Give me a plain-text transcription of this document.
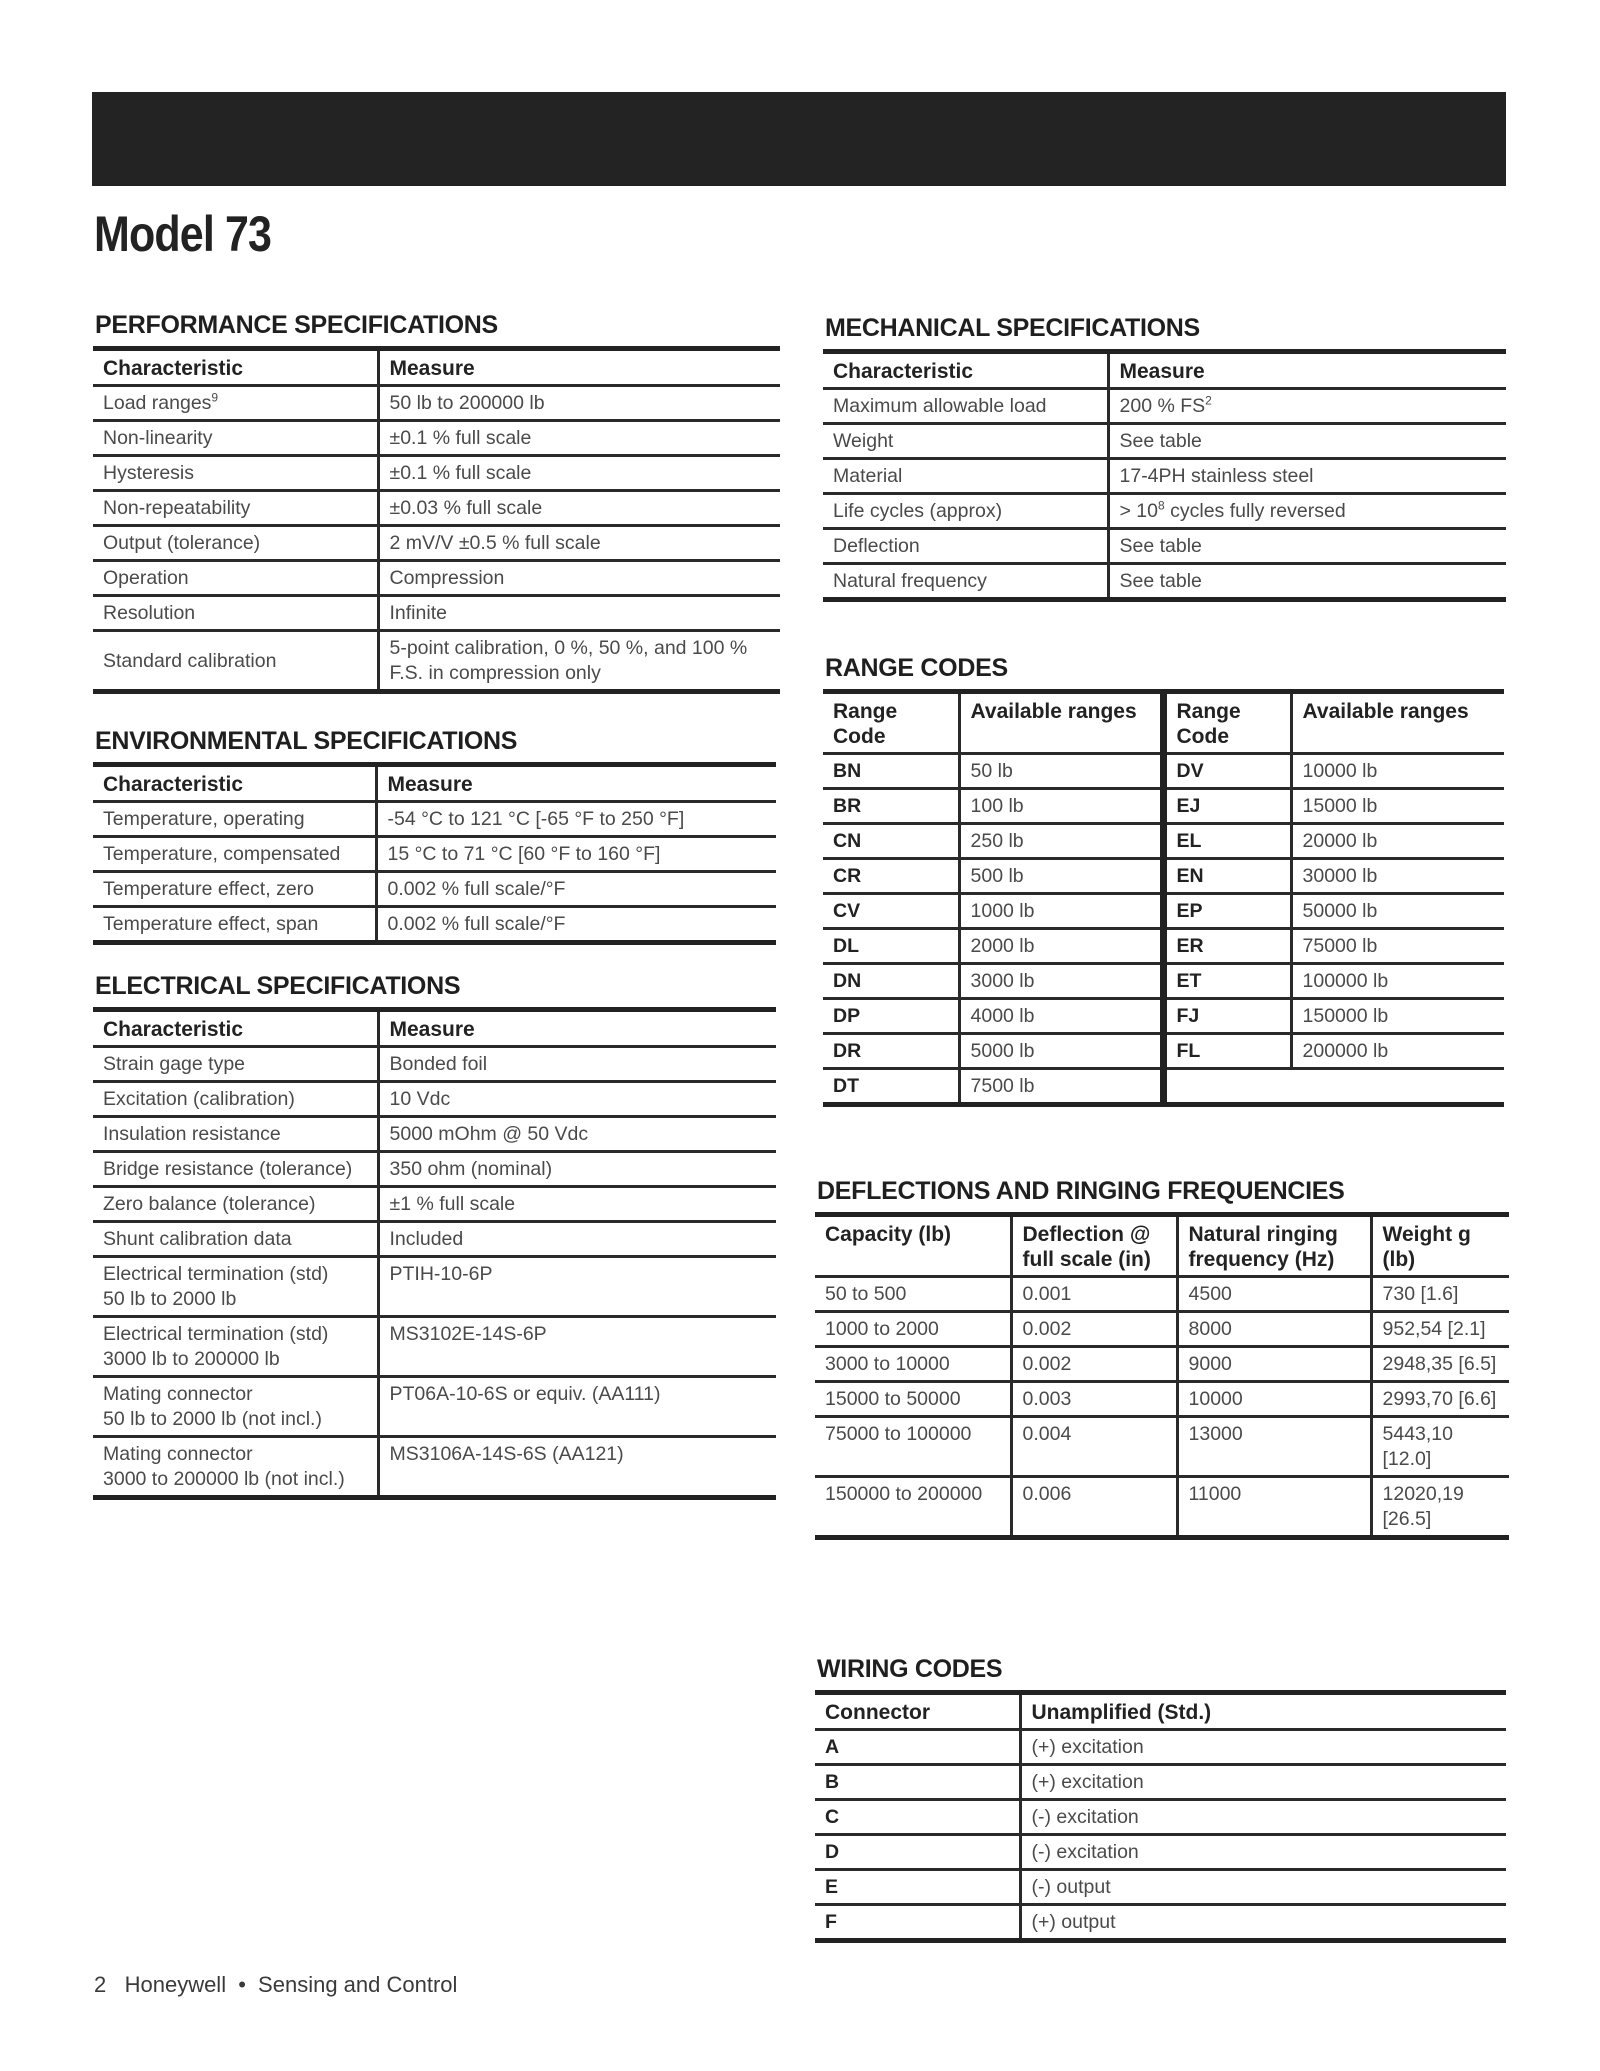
Model 73
PERFORMANCE SPECIFICATIONS
Characteristic	Measure
Load ranges$^9$	50 lb to 200000 lb
Non-linearity	±0.1 % full scale
Hysteresis	±0.1 % full scale
Non-repeatability	±0.03 % full scale
Output (tolerance)	2 mV/V ±0.5 % full scale
Operation	Compression
Resolution	Infinite
Standard calibration	5-point calibration, 0 %, 50 %, and 100 % F.S. in compression only
ENVIRONMENTAL SPECIFICATIONS
Characteristic	Measure
Temperature, operating	-54 °C to 121 °C [-65 °F to 250 °F]
Temperature, compensated	15 °C to 71 °C [60 °F to 160 °F]
Temperature effect, zero	0.002 % full scale/°F
Temperature effect, span	0.002 % full scale/°F
ELECTRICAL SPECIFICATIONS
Characteristic	Measure
Strain gage type	Bonded foil
Excitation (calibration)	10 Vdc
Insulation resistance	5000 mOhm @ 50 Vdc
Bridge resistance (tolerance)	350 ohm (nominal)
Zero balance (tolerance)	±1 % full scale
Shunt calibration data	Included
Electrical termination (std)
50 lb to 2000 lb	PTIH-10-6P
Electrical termination (std)
3000 lb to 200000 lb	MS3102E-14S-6P
Mating connector
50 lb to 2000 lb (not incl.)	PT06A-10-6S or equiv. (AA111)
Mating connector
3000 to 200000 lb (not incl.)	MS3106A-14S-6S (AA121)
MECHANICAL SPECIFICATIONS
Characteristic	Measure
Maximum allowable load	200 % $FS^2$
Weight	See table
Material	17-4PH stainless steel
Life cycles (approx)	> $10^8$ cycles fully reversed
Deflection	See table
Natural frequency	See table
RANGE CODES
Range Code	Available ranges	Range Code	Available ranges
BN	50 lb	DV	10000 lb
BR	100 lb	EJ	15000 lb
CN	250 lb	EL	20000 lb
CR	500 lb	EN	30000 lb
CV	1000 lb	EP	50000 lb
DL	2000 lb	ER	75000 lb
DN	3000 lb	ET	100000 lb
DP	4000 lb	FJ	150000 lb
DR	5000 lb	FL	200000 lb
DT	7500 lb		
DEFLECTIONS AND RINGING FREQUENCIES
Capacity (lb)	Deflection @ full scale (in)	Natural ringing frequency (Hz)	Weight g (lb)
50 to 500	0.001	4500	730 [1.6]
1000 to 2000	0.002	8000	952,54 [2.1]
3000 to 10000	0.002	9000	2948,35 [6.5]
15000 to 50000	0.003	10000	2993,70 [6.6]
75000 to 100000	0.004	13000	5443,10 [12.0]
150000 to 200000	0.006	11000	12020,19 [26.5]
WIRING CODES
Connector	Unamplified (Std.)
A	(+) excitation
B	(+) excitation
C	(-) excitation
D	(-) excitation
E	(-) output
F	(+) output
2 Honeywell • Sensing and Control
